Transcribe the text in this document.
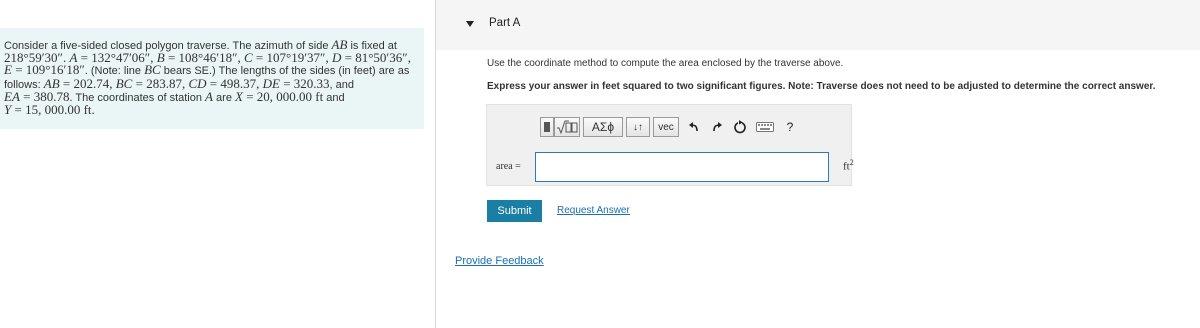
Consider a five-sided closed polygon traverse. The azimuth of side AB is fixed at
218°59′30″. A = 132°47′06″, B = 108°46′18″, C = 107°19′37″, D = 81°50′36″,
E = 109°16′18″. (Note: line BC bears SE.) The lengths of the sides (in feet) are as
follows: AB = 202.74, BC = 283.87, CD = 498.37, DE = 320.33, and
EA = 380.78. The coordinates of station A are X = 20, 000.00 ft and
Y = 15, 000.00 ft.
Part A
Use the coordinate method to compute the area enclosed by the traverse above.
Express your answer in feet squared to two significant figures. Note: Traverse does not need to be adjusted to determine the correct answer.
ΑΣϕ	↓↑	vec	?
area =	$ft^2$
Submit	Request Answer
Provide Feedback
